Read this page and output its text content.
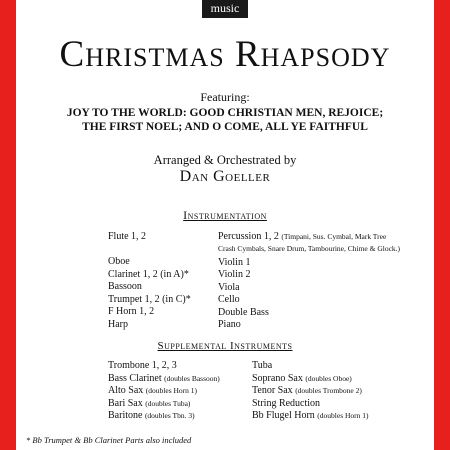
music
Christmas Rhapsody
Featuring:
JOY TO THE WORLD: GOOD CHRISTIAN MEN, REJOICE;
THE FIRST NOEL; AND O COME, ALL YE FAITHFUL
Arranged & Orchestrated by
Dan Goeller
Instrumentation
Flute 1, 2
Oboe
Clarinet 1, 2 (in A)*
Bassoon
Trumpet 1, 2 (in C)*
F Horn 1, 2
Harp
Percussion 1, 2 (Timpani, Sus. Cymbal, Mark Tree
Crash Cymbals, Snare Drum, Tambourine, Chime & Glock.)
Violin 1
Violin 2
Viola
Cello
Double Bass
Piano
Supplemental Instruments
Trombone 1, 2, 3
Bass Clarinet (doubles Bassoon)
Alto Sax (doubles Horn 1)
Bari Sax (doubles Tuba)
Baritone (doubles Tbn. 3)
Tuba
Soprano Sax (doubles Oboe)
Tenor Sax (doubles Trombone 2)
String Reduction
Bb Flugel Horn (doubles Horn 1)
* Bb Trumpet & Bb Clarinet Parts also included
